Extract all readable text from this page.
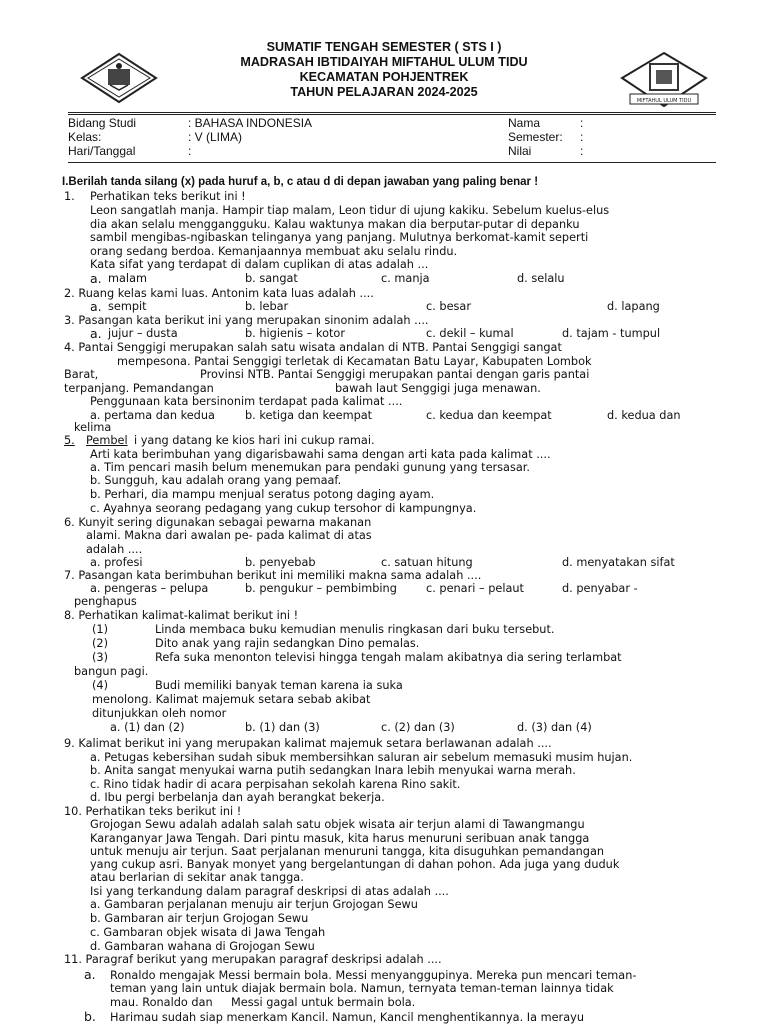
MIFTAHUL ULUM TIDU
SUMATIF TENGAH SEMESTER ( STS I )
MADRASAH IBTIDAIYAH MIFTAHUL ULUM TIDU
KECAMATAN POHJENTREK
TAHUN PELAJARAN 2024-2025
Bidang Studi	: BAHASA INDONESIA
Kelas:	: V (LIMA)
Hari/Tanggal	:
Nama	:
Semester: :
Nilai	:
I.Berilah tanda silang (x) pada huruf a, b, c atau d di depan jawaban yang paling benar !
1. Perhatikan teks berikut ini !
Leon sangatlah manja. Hampir tiap malam, Leon tidur di ujung kakiku. Sebelum kuelus-elus
dia akan selalu menggangguku. Kalau waktunya makan dia berputar-putar di depanku
sambil mengibas-ngibaskan telinganya yang panjang. Mulutnya berkomat-kamit seperti
orang sedang berdoa. Kemanjaannya membuat aku selalu rindu.
Kata sifat yang terdapat di dalam cuplikan di atas adalah ...
a. malam	b. sangat	c. manja	d. selalu
2. Ruang kelas kami luas. Antonim kata luas adalah ....
a. sempit	b. lebar	c. besar	d. lapang
3. Pasangan kata berikut ini yang merupakan sinonim adalah ....
a. jujur – dusta	b. higienis – kotor	c. dekil – kumal	d. tajam - tumpul
4. Pantai Senggigi merupakan salah satu wisata andalan di NTB. Pantai Senggigi sangat
mempesona. Pantai Senggigi terletak di Kecamatan Batu Layar, Kabupaten Lombok
Barat,	Provinsi NTB. Pantai Senggigi merupakan pantai dengan garis pantai
terpanjang. Pemandangan	bawah laut Senggigi juga menawan.
Penggunaan kata bersinonim terdapat pada kalimat ....
a. pertama dan kedua	b. ketiga dan keempat	c. kedua dan keempat	d. kedua dan
kelima
5. Pembel i yang datang ke kios hari ini cukup ramai.
Arti kata berimbuhan yang digarisbawahi sama dengan arti kata pada kalimat ....
a. Tim pencari masih belum menemukan para pendaki gunung yang tersasar.
b. Sungguh, kau adalah orang yang pemaaf.
b. Perhari, dia mampu menjual seratus potong daging ayam.
c. Ayahnya seorang pedagang yang cukup tersohor di kampungnya.
6. Kunyit sering digunakan sebagai pewarna makanan
alami. Makna dari awalan pe- pada kalimat di atas
adalah ....
a. profesi	b. penyebab	c. satuan hitung	d. menyatakan sifat
7. Pasangan kata berimbuhan berikut ini memiliki makna sama adalah ....
a. pengeras – pelupa	b. pengukur – pembimbing	c. penari – pelaut	d. penyabar -
penghapus
8. Perhatikan kalimat-kalimat berikut ini !
(1)	Linda membaca buku kemudian menulis ringkasan dari buku tersebut.
(2)	Dito anak yang rajin sedangkan Dino pemalas.
(3)	Refa suka menonton televisi hingga tengah malam akibatnya dia sering terlambat
bangun pagi.
(4)	Budi memiliki banyak teman karena ia suka
menolong. Kalimat majemuk setara sebab akibat
ditunjukkan oleh nomor
a. (1) dan (2)	b. (1) dan (3)	c. (2) dan (3)	d. (3) dan (4)
9. Kalimat berikut ini yang merupakan kalimat majemuk setara berlawanan adalah ....
a. Petugas kebersihan sudah sibuk membersihkan saluran air sebelum memasuki musim hujan.
b. Anita sangat menyukai warna putih sedangkan Inara lebih menyukai warna merah.
c. Rino tidak hadir di acara perpisahan sekolah karena Rino sakit.
d. Ibu pergi berbelanja dan ayah berangkat bekerja.
10. Perhatikan teks berikut ini !
Grojogan Sewu adalah adalah salah satu objek wisata air terjun alami di Tawangmangu
Karanganyar Jawa Tengah. Dari pintu masuk, kita harus menuruni seribuan anak tangga
untuk menuju air terjun. Saat perjalanan menuruni tangga, kita disuguhkan pemandangan
yang cukup asri. Banyak monyet yang bergelantungan di dahan pohon. Ada juga yang duduk
atau berlarian di sekitar anak tangga.
Isi yang terkandung dalam paragraf deskripsi di atas adalah ....
a. Gambaran perjalanan menuju air terjun Grojogan Sewu
b. Gambaran air terjun Grojogan Sewu
c. Gambaran objek wisata di Jawa Tengah
d. Gambaran wahana di Grojogan Sewu
11. Paragraf berikut yang merupakan paragraf deskripsi adalah ....
a. Ronaldo mengajak Messi bermain bola. Messi menyanggupinya. Mereka pun mencari teman-
teman yang lain untuk diajak bermain bola. Namun, ternyata teman-teman lainnya tidak
mau. Ronaldo dan Messi gagal untuk bermain bola.
b. Harimau sudah siap menerkam Kancil. Namun, Kancil menghentikannya. Ia merayu
